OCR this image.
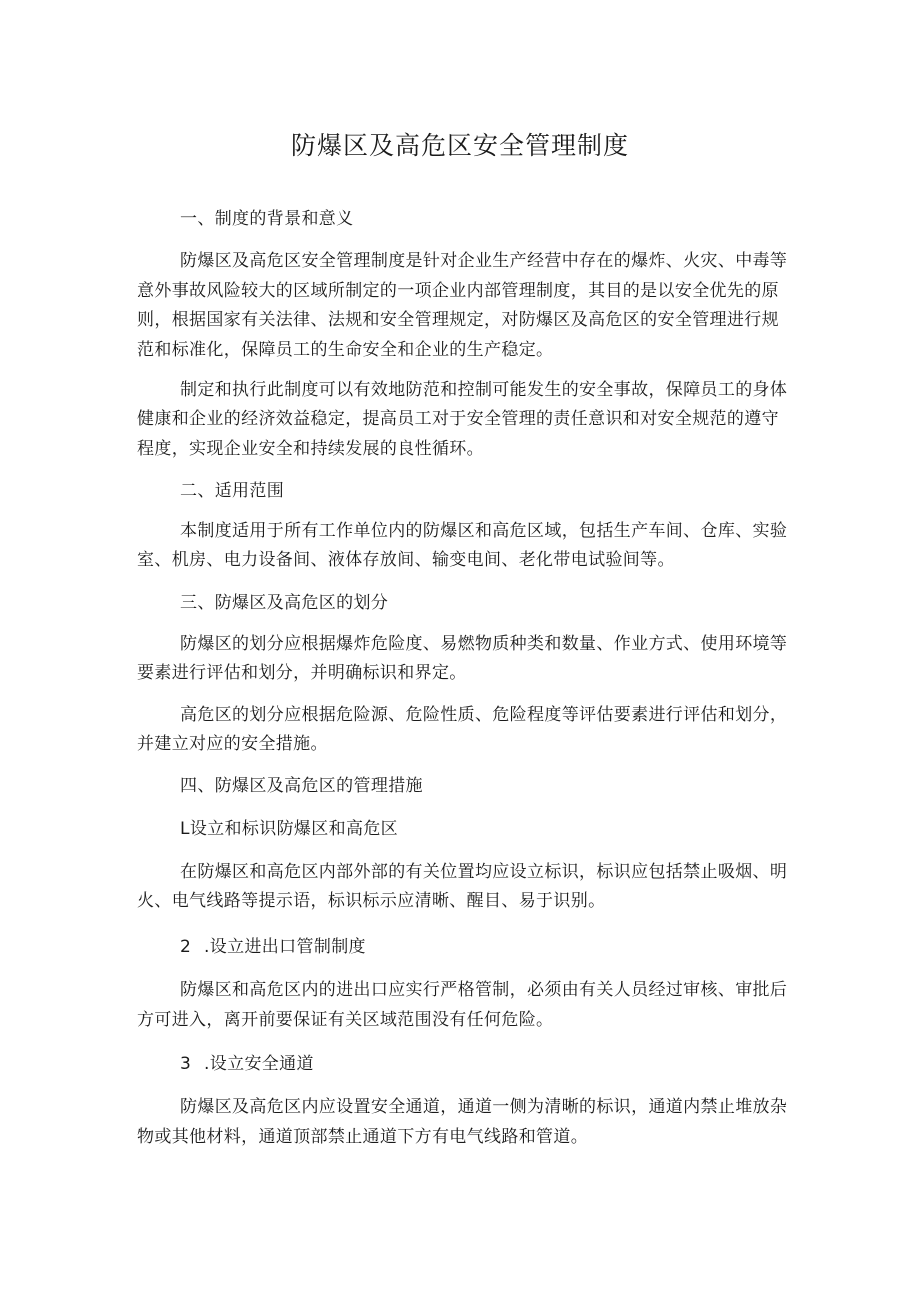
防爆区及高危区安全管理制度
一、制度的背景和意义
防爆区及高危区安全管理制度是针对企业生产经营中存在的爆炸、火灾、中毒等
意外事故风险较大的区域所制定的一项企业内部管理制度，其目的是以安全优先的原
则，根据国家有关法律、法规和安全管理规定，对防爆区及高危区的安全管理进行规
范和标准化，保障员工的生命安全和企业的生产稳定。
制定和执行此制度可以有效地防范和控制可能发生的安全事故，保障员工的身体
健康和企业的经济效益稳定，提高员工对于安全管理的责任意识和对安全规范的遵守
程度，实现企业安全和持续发展的良性循环。
二、适用范围
本制度适用于所有工作单位内的防爆区和高危区域，包括生产车间、仓库、实验
室、机房、电力设备间、液体存放间、输变电间、老化带电试验间等。
三、防爆区及高危区的划分
防爆区的划分应根据爆炸危险度、易燃物质种类和数量、作业方式、使用环境等
要素进行评估和划分，并明确标识和界定。
高危区的划分应根据危险源、危险性质、危险程度等评估要素进行评估和划分，
并建立对应的安全措施。
四、防爆区及高危区的管理措施
L设立和标识防爆区和高危区
在防爆区和高危区内部外部的有关位置均应设立标识，标识应包括禁止吸烟、明
火、电气线路等提示语，标识标示应清晰、醒目、易于识别。
2 .设立进出口管制制度
防爆区和高危区内的进出口应实行严格管制，必须由有关人员经过审核、审批后
方可进入，离开前要保证有关区域范围没有任何危险。
3 .设立安全通道
防爆区及高危区内应设置安全通道，通道一侧为清晰的标识，通道内禁止堆放杂
物或其他材料，通道顶部禁止通道下方有电气线路和管道。
